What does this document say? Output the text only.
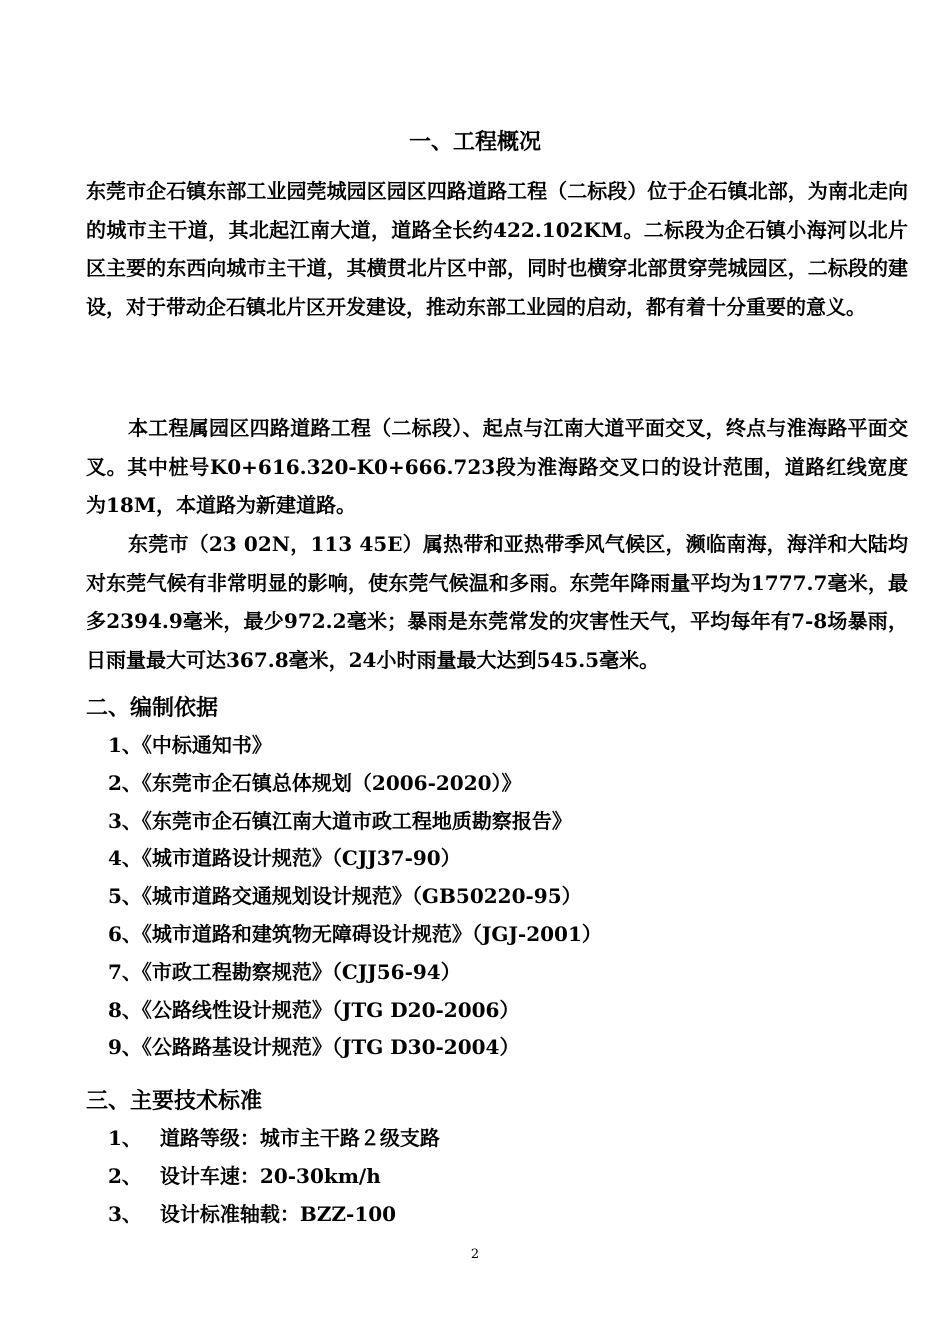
一、工程概况

东莞市企石镇东部工业园莞城园区园区四路道路工程（二标段）位于企石镇北部，为南北走向的城市主干道，其北起江南大道，道路全长约422.102KM。二标段为企石镇小海河以北片区主要的东西向城市主干道，其横贯北片区中部，同时也横穿北部贯穿莞城园区，二标段的建设，对于带动企石镇北片区开发建设，推动东部工业园的启动，都有着十分重要的意义。

本工程属园区四路道路工程（二标段）、起点与江南大道平面交叉，终点与淮海路平面交叉。其中桩号K0+616.320-K0+666.723段为淮海路交叉口的设计范围，道路红线宽度为18M，本道路为新建道路。

东莞市（23 02N，113 45E）属热带和亚热带季风气候区，濒临南海，海洋和大陆均对东莞气候有非常明显的影响，使东莞气候温和多雨。东莞年降雨量平均为1777.7毫米，最多2394.9毫米，最少972.2毫米；暴雨是东莞常发的灾害性天气，平均每年有7-8场暴雨，日雨量最大可达367.8毫米，24小时雨量最大达到545.5毫米。

二、编制依据
1、《中标通知书》
2、《东莞市企石镇总体规划（2006-2020）》
3、《东莞市企石镇江南大道市政工程地质勘察报告》
4、《城市道路设计规范》（CJJ37-90）
5、《城市道路交通规划设计规范》（GB50220-95）
6、《城市道路和建筑物无障碍设计规范》（JGJ-2001）
7、《市政工程勘察规范》（CJJ56-94）
8、《公路线性设计规范》（JTG D20-2006）
9、《公路路基设计规范》（JTG D30-2004）
三、主要技术标准
1、 道路等级：城市主干路２级支路
2、 设计车速：20-30km/h
3、 设计标准轴载：BZZ-100
2
